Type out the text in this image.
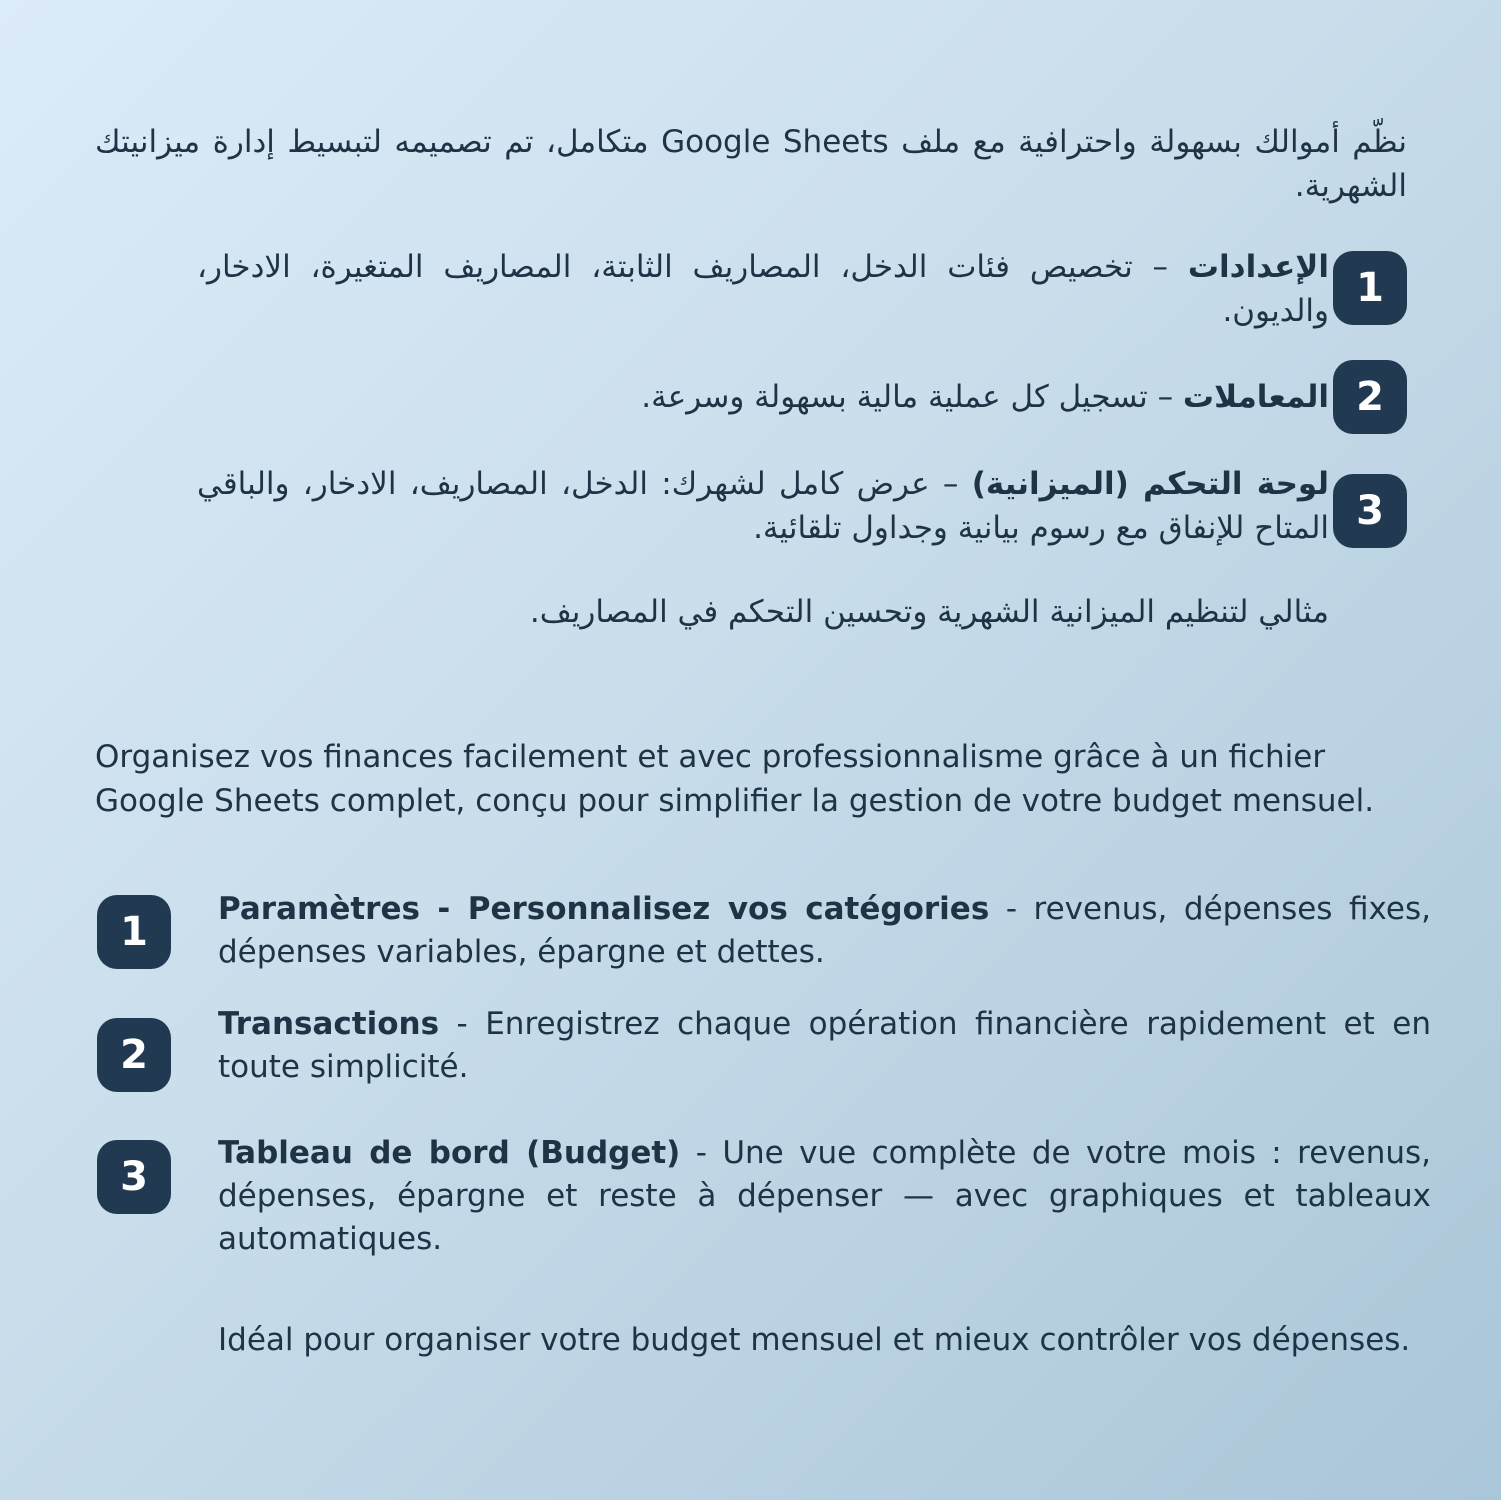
نظّم أموالك بسهولة واحترافية مع ملف Google Sheets متكامل، تم تصميمه لتبسيط إدارة ميزانيتك الشهرية.

1
الإعدادات – تخصيص فئات الدخل، المصاريف الثابتة، المصاريف المتغيرة، الادخار، والديون.
2
المعاملات – تسجيل كل عملية مالية بسهولة وسرعة.
3
لوحة التحكم (الميزانية) – عرض كامل لشهرك: الدخل، المصاريف، الادخار، والباقي المتاح للإنفاق مع رسوم بيانية وجداول تلقائية.
مثالي لتنظيم الميزانية الشهرية وتحسين التحكم في المصاريف.

Organisez vos finances facilement et avec professionnalisme grâce à un fichier Google Sheets complet, conçu pour simplifier la gestion de votre budget mensuel.

1	Paramètres - Personnalisez vos catégories - revenus, dépenses fixes, dépenses variables, épargne et dettes.
2
Transactions - Enregistrez chaque opération financière rapidement et en toute simplicité.
3
Tableau de bord (Budget) - Une vue complète de votre mois : revenus, dépenses, épargne et reste à dépenser — avec graphiques et tableaux automatiques.
Idéal pour organiser votre budget mensuel et mieux contrôler vos dépenses.
